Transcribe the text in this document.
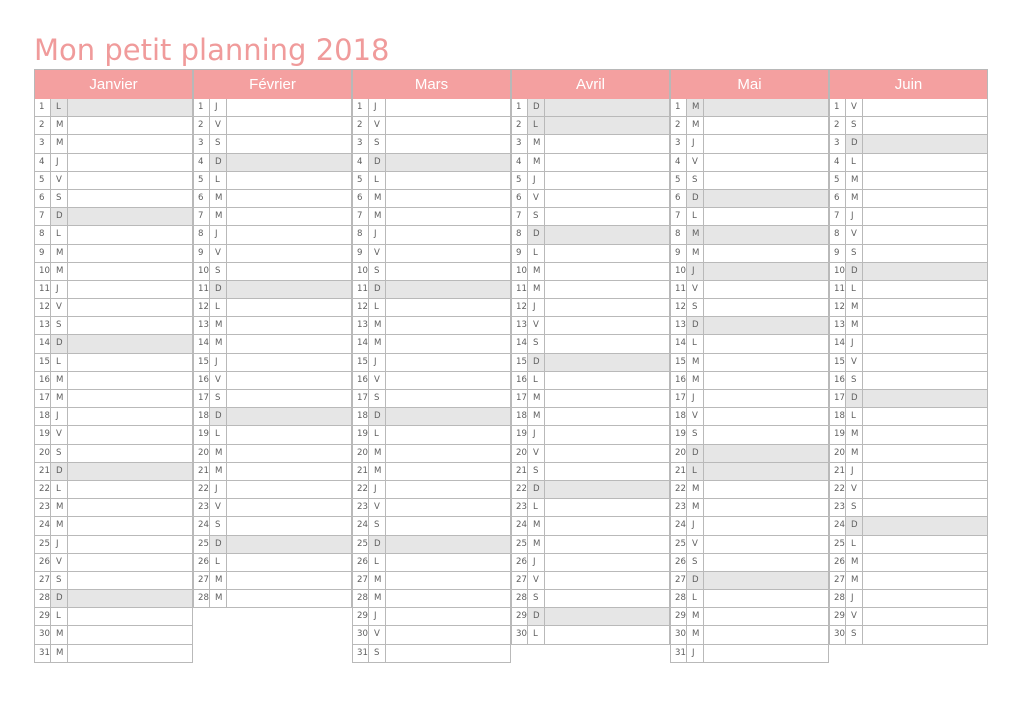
Mon petit planning 2018
Janvier
1	L
2	M
3	M
4	J
5	V
6	S
7	D
8	L
9	M
10 M
11 J
12 V
13 S
14 D
15 L
16 M
17 M
18 J
19 V
20 S
21 D
22 L
23 M
24 M
25 J
26 V
27 S
28 D
29 L
30 M
31 M
Février
1	J
2	V
3	S
4	D
5	L
6	M
7	M
8	J
9	V
10 S
11 D
12 L
13 M
14 M
15 J
16 V
17 S
18 D
19 L
20 M
21 M
22 J
23 V
24 S
25 D
26 L
27 M
28 M
Mars
1	J
2	V
3	S
4	D
5	L
6	M
7	M
8	J
9	V
10 S
11 D
12 L
13 M
14 M
15 J
16 V
17 S
18 D
19 L
20 M
21 M
22 J
23 V
24 S
25 D
26 L
27 M
28 M
29 J
30 V
31 S
Avril
1	D
2	L
3	M
4	M
5	J
6	V
7	S
8	D
9	L
10 M
11 M
12 J
13 V
14 S
15 D
16 L
17 M
18 M
19 J
20 V
21 S
22 D
23 L
24 M
25 M
26 J
27 V
28 S
29 D
30 L
Mai
1	M
2	M
3	J
4	V
5	S
6	D
7	L
8	M
9	M
10 J
11 V
12 S
13 D
14 L
15 M
16 M
17 J
18 V
19 S
20 D
21 L
22 M
23 M
24 J
25 V
26 S
27 D
28 L
29 M
30 M
31 J
Juin
1	V
2	S
3	D
4	L
5	M
6	M
7	J
8	V
9	S
10 D
11 L
12 M
13 M
14 J
15 V
16 S
17 D
18 L
19 M
20 M
21 J
22 V
23 S
24 D
25 L
26 M
27 M
28 J
29 V
30 S
